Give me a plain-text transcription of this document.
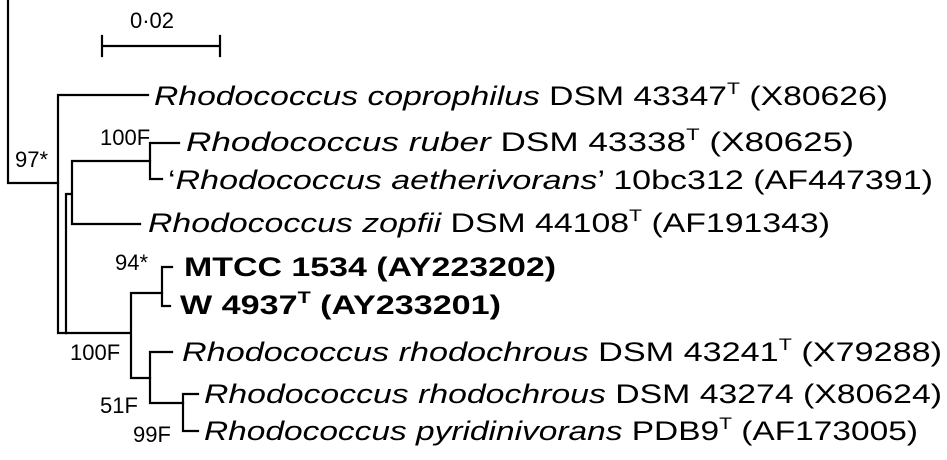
0·02
97*
100F
94*
100F
51F
99F
Rhodococcus coprophilus	DSM 43347 $^T$ (X80626)
Rhodococcus ruber	DSM 43338	$^T$ (X80625)
‘Rhodococcus aetherivorans	’ 10bc312 (AF447391)
Rhodococcus zopfii DSM 44108 $^T$ (AF191343)
MTCC 1534 (AY223202)
W 4937 $^T$ (AY233201)
Rhodococcus rhodochrous	DSM 43241 $^T$ (X79288)
Rhodococcus rhodochrous	DSM 43274 (X80624)
Rhodococcus pyridinivorans	PDB9 $^T$ (AF173005)
